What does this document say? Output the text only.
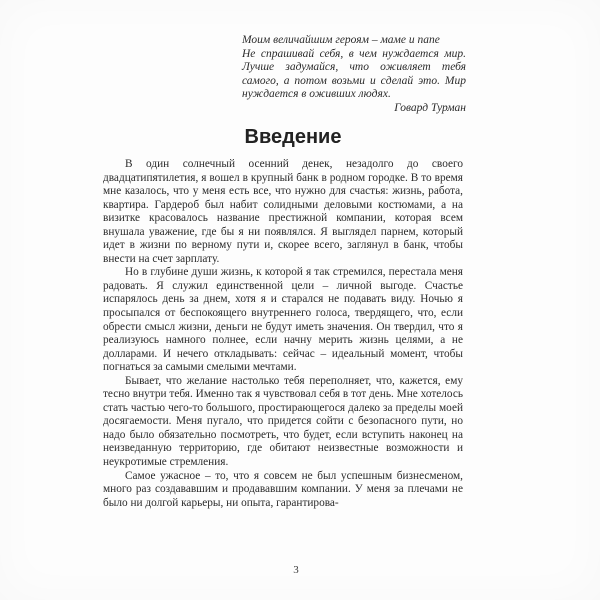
Моим величайшим героям – маме и папе
Не спрашивай себя, в чем нуждается мир. Лучше задумайся, что оживляет тебя самого, а потом возьми и сделай это. Мир нуждается в оживших людях.
Говард Турман
Введение

В один солнечный осенний денек, незадолго до своего двадцатипятилетия, я вошел в крупный банк в родном городке. В то время мне казалось, что у меня есть все, что нужно для счастья: жизнь, работа, квартира. Гардероб был набит солидными деловыми костюмами, а на визитке красовалось название престижной компании, которая всем внушала уважение, где бы я ни появлялся. Я выглядел парнем, который идет в жизни по верному пути и, скорее всего, заглянул в банк, чтобы внести на счет зарплату.

Но в глубине души жизнь, к которой я так стремился, перестала меня радовать. Я служил единственной цели – личной выгоде. Счастье испарялось день за днем, хотя я и старался не подавать виду. Ночью я просыпался от беспокоящего внутреннего голоса, твердящего, что, если обрести смысл жизни, деньги не будут иметь значения. Он твердил, что я реализуюсь намного полнее, если начну мерить жизнь целями, а не долларами. И нечего откладывать: сейчас – идеальный момент, чтобы погнаться за самыми смелыми мечтами.

Бывает, что желание настолько тебя переполняет, что, кажется, ему тесно внутри тебя. Именно так я чувствовал себя в тот день. Мне хотелось стать частью чего-то большого, простирающегося далеко за пределы моей досягаемости. Меня пугало, что придется сойти с безопасного пути, но надо было обязательно посмотреть, что будет, если вступить наконец на неизведанную территорию, где обитают неизвестные возможности и неукротимые стремления.

Самое ужасное – то, что я совсем не был успешным бизнесменом, много раз создававшим и продававшим компании. У меня за плечами не было ни долгой карьеры, ни опыта, гарантирова-

3
